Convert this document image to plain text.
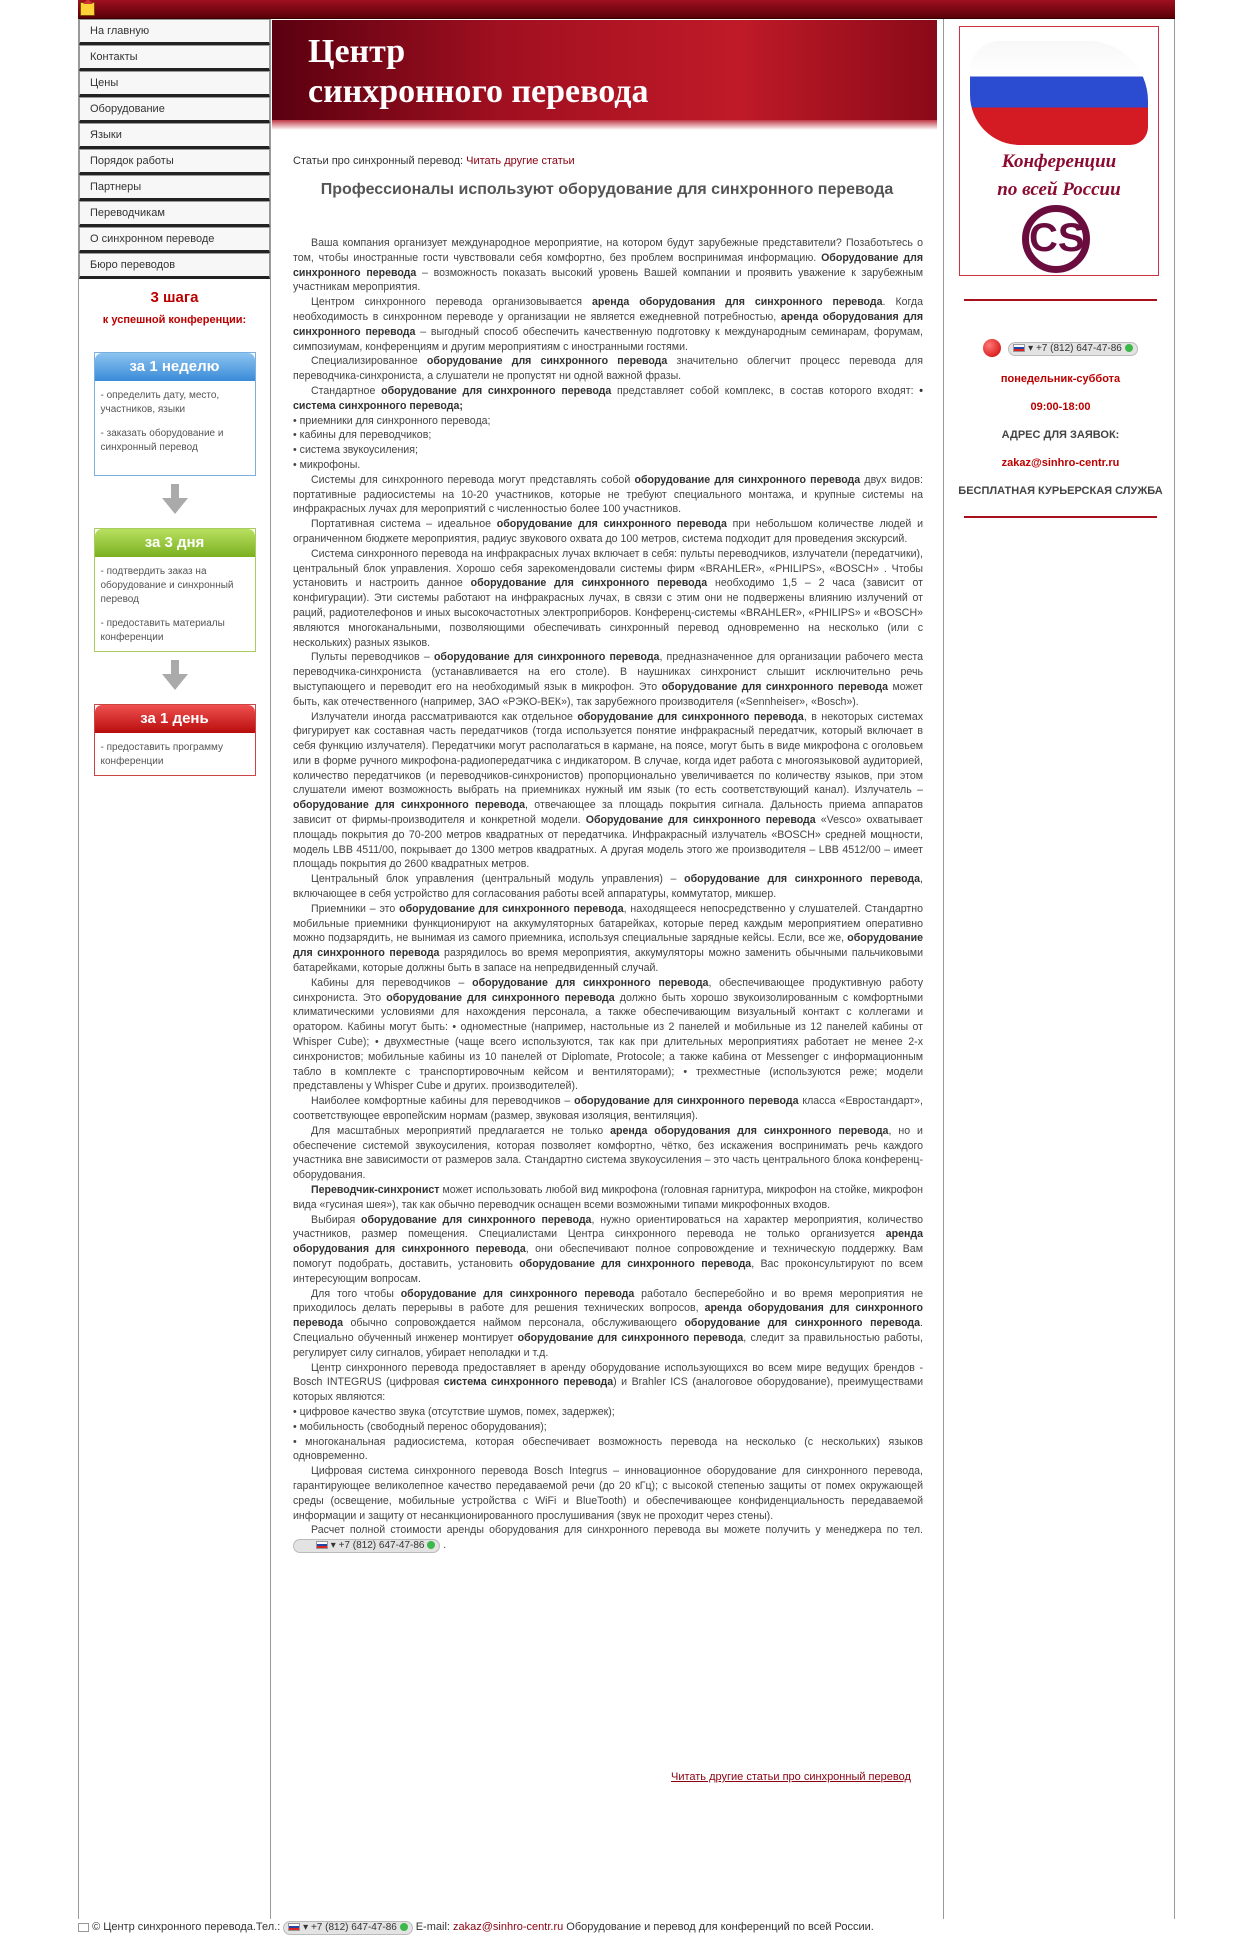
На главную
Контакты
Цены
Оборудование
Языки
Порядок работы
Партнеры
Переводчикам
О синхронном переводе
Бюро переводов
3 шага
к успешной конференции:
за 1 неделю
- определить дату, место, участников, языки
- заказать оборудование и синхронный перевод
за 3 дня
- подтвердить заказ на оборудование и синхронный перевод
- предоставить материалы конференции
за 1 день
- предоставить программу конференции
Центр
синхронного перевода
Статьи про синхронный перевод: Читать другие статьи
Профессионалы используют оборудование для синхронного перевода

Ваша компания организует международное мероприятие, на котором будут зарубежные представители? Позаботьтесь о том, чтобы иностранные гости чувствовали себя комфортно, без проблем воспринимая информацию. Оборудование для синхронного перевода – возможность показать высокий уровень Вашей компании и проявить уважение к зарубежным участникам мероприятия.

Центром синхронного перевода организовывается аренда оборудования для синхронного перевода. Когда необходимость в синхронном переводе у организации не является ежедневной потребностью, аренда оборудования для синхронного перевода – выгодный способ обеспечить качественную подготовку к международным семинарам, форумам, симпозиумам, конференциям и другим мероприятиям с иностранными гостями.

Специализированное оборудование для синхронного перевода значительно облегчит процесс перевода для переводчика-синхрониста, а слушатели не пропустят ни одной важной фразы.

Стандартное оборудование для синхронного перевода представляет собой комплекс, в состав которого входят: • система синхронного перевода;

• приемники для синхронного перевода;

• кабины для переводчиков;

• система звукоусиления;

• микрофоны.

Системы для синхронного перевода могут представлять собой оборудование для синхронного перевода двух видов: портативные радиосистемы на 10-20 участников, которые не требуют специального монтажа, и крупные системы на инфракрасных лучах для мероприятий с численностью более 100 участников.

Портативная система – идеальное оборудование для синхронного перевода при небольшом количестве людей и ограниченном бюджете мероприятия, радиус звукового охвата до 100 метров, система подходит для проведения экскурсий.

Система синхронного перевода на инфракрасных лучах включает в себя: пульты переводчиков, излучатели (передатчики), центральный блок управления. Хорошо себя зарекомендовали системы фирм «BRAHLER», «PHILIPS», «BOSCH» . Чтобы установить и настроить данное оборудование для синхронного перевода необходимо 1,5 – 2 часа (зависит от конфигурации). Эти системы работают на инфракрасных лучах, в связи с этим они не подвержены влиянию излучений от раций, радиотелефонов и иных высокочастотных электроприборов. Конференц-системы «BRAHLER», «PHILIPS» и «BOSCH» являются многоканальными, позволяющими обеспечивать синхронный перевод одновременно на несколько (или с нескольких) разных языков.

Пульты переводчиков – оборудование для синхронного перевода, предназначенное для организации рабочего места переводчика-синхрониста (устанавливается на его столе). В наушниках синхронист слышит исключительно речь выступающего и переводит его на необходимый язык в микрофон. Это оборудование для синхронного перевода может быть, как отечественного (например, ЗАО «РЭКО-ВЕК»), так зарубежного производителя («Sennheiser», «Bosch»).

Излучатели иногда рассматриваются как отдельное оборудование для синхронного перевода, в некоторых системах фигурирует как составная часть передатчиков (тогда используется понятие инфракрасный передатчик, который включает в себя функцию излучателя). Передатчики могут располагаться в кармане, на поясе, могут быть в виде микрофона с оголовьем или в форме ручного микрофона-радиопередатчика с индикатором. В случае, когда идет работа с многоязыковой аудиторией, количество передатчиков (и переводчиков-синхронистов) пропорционально увеличивается по количеству языков, при этом слушатели имеют возможность выбрать на приемниках нужный им язык (то есть соответствующий канал). Излучатель – оборудование для синхронного перевода, отвечающее за площадь покрытия сигнала. Дальность приема аппаратов зависит от фирмы-производителя и конкретной модели. Оборудование для синхронного перевода «Vesco» охватывает площадь покрытия до 70-200 метров квадратных от передатчика. Инфракрасный излучатель «BOSCH» средней мощности, модель LBB 4511/00, покрывает до 1300 метров квадратных. А другая модель этого же производителя – LBB 4512/00 – имеет площадь покрытия до 2600 квадратных метров.

Центральный блок управления (центральный модуль управления) – оборудование для синхронного перевода, включающее в себя устройство для согласования работы всей аппаратуры, коммутатор, микшер.

Приемники – это оборудование для синхронного перевода, находящееся непосредственно у слушателей. Стандартно мобильные приемники функционируют на аккумуляторных батарейках, которые перед каждым мероприятием оперативно можно подзарядить, не вынимая из самого приемника, используя специальные зарядные кейсы. Если, все же, оборудование для синхронного перевода разрядилось во время мероприятия, аккумуляторы можно заменить обычными пальчиковыми батарейками, которые должны быть в запасе на непредвиденный случай.

Кабины для переводчиков – оборудование для синхронного перевода, обеспечивающее продуктивную работу синхрониста. Это оборудование для синхронного перевода должно быть хорошо звукоизолированным с комфортными климатическими условиями для нахождения персонала, а также обеспечивающим визуальный контакт с коллегами и оратором. Кабины могут быть: • одноместные (например, настольные из 2 панелей и мобильные из 12 панелей кабины от Whisper Cube); • двухместные (чаще всего используются, так как при длительных мероприятиях работает не менее 2-х синхронистов; мобильные кабины из 10 панелей от Diplomate, Protocole; а также кабина от Messenger с информационным табло в комплекте с транспортировочным кейсом и вентиляторами); • трехместные (используются реже; модели представлены у Whisper Cube и других. производителей).

Наиболее комфортные кабины для переводчиков – оборудование для синхронного перевода класса «Евростандарт», соответствующее европейским нормам (размер, звуковая изоляция, вентиляция).

Для масштабных мероприятий предлагается не только аренда оборудования для синхронного перевода, но и обеспечение системой звукоусиления, которая позволяет комфортно, чётко, без искажения воспринимать речь каждого участника вне зависимости от размеров зала. Стандартно система звукоусиления – это часть центрального блока конференц- оборудования.

Переводчик-синхронист может использовать любой вид микрофона (головная гарнитура, микрофон на стойке, микрофон вида «гусиная шея»), так как обычно переводчик оснащен всеми возможными типами микрофонных входов.

Выбирая оборудование для синхронного перевода, нужно ориентироваться на характер мероприятия, количество участников, размер помещения. Специалистами Центра синхронного перевода не только организуется аренда оборудования для синхронного перевода, они обеспечивают полное сопровождение и техническую поддержку. Вам помогут подобрать, доставить, установить оборудование для синхронного перевода, Вас проконсультируют по всем интересующим вопросам.

Для того чтобы оборудование для синхронного перевода работало бесперебойно и во время мероприятия не приходилось делать перерывы в работе для решения технических вопросов, аренда оборудования для синхронного перевода обычно сопровождается наймом персонала, обслуживающего оборудование для синхронного перевода. Специально обученный инженер монтирует оборудование для синхронного перевода, следит за правильностью работы, регулирует силу сигналов, убирает неполадки и т.д.

Центр синхронного перевода предоставляет в аренду оборудование использующихся во всем мире ведущих брендов - Bosch INTEGRUS (цифровая система синхронного перевода) и Brahler ICS (аналоговое оборудование), преимуществами которых являются:

• цифровое качество звука (отсутствие шумов, помех, задержек);

• мобильность (свободный перенос оборудования);

• многоканальная радиосистема, которая обеспечивает возможность перевода на несколько (с нескольких) языков одновременно.

Цифровая система синхронного перевода Bosch Integrus – инновационное оборудование для синхронного перевода, гарантирующее великолепное качество передаваемой речи (до 20 кГц); с высокой степенью защиты от помех окружающей среды (освещение, мобильные устройства с WiFi и BlueTooth) и обеспечивающее конфиденциальность передаваемой информации и защиту от несанкционированного прослушивания (звук не проходит через стены).

Расчет полной стоимости аренды оборудования для синхронного перевода вы можете получить у менеджера по тел.  ▾ +7 (812) 647-47-86  .

Читать другие статьи про синхронный перевод
Конференции
по всей России
CS
▾ +7 (812) 647-47-86
понедельник-суббота
09:00-18:00
АДРЕС ДЛЯ ЗАЯВОК:
zakaz@sinhro-centr.ru
БЕСПЛАТНАЯ КУРЬЕРСКАЯ СЛУЖБА
© Центр синхронного перевода.Тел.:  ▾ +7 (812) 647-47-86 E-mail: zakaz@sinhro-centr.ru Оборудование и перевод для конференций по всей России.
